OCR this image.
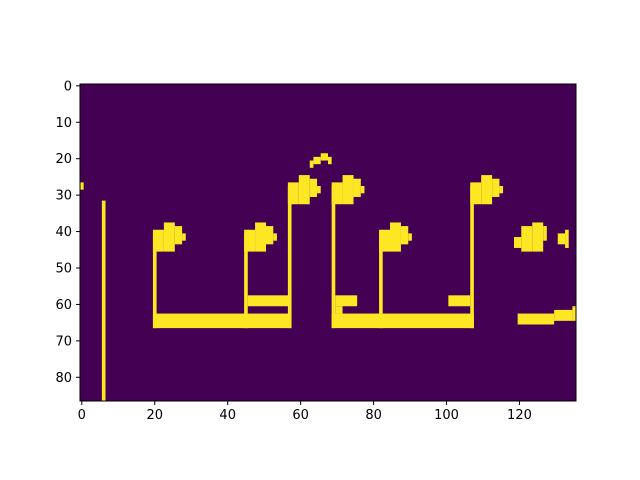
0	20	40	60	80	100	120
0
10
20
30
40
50
60
70
80
